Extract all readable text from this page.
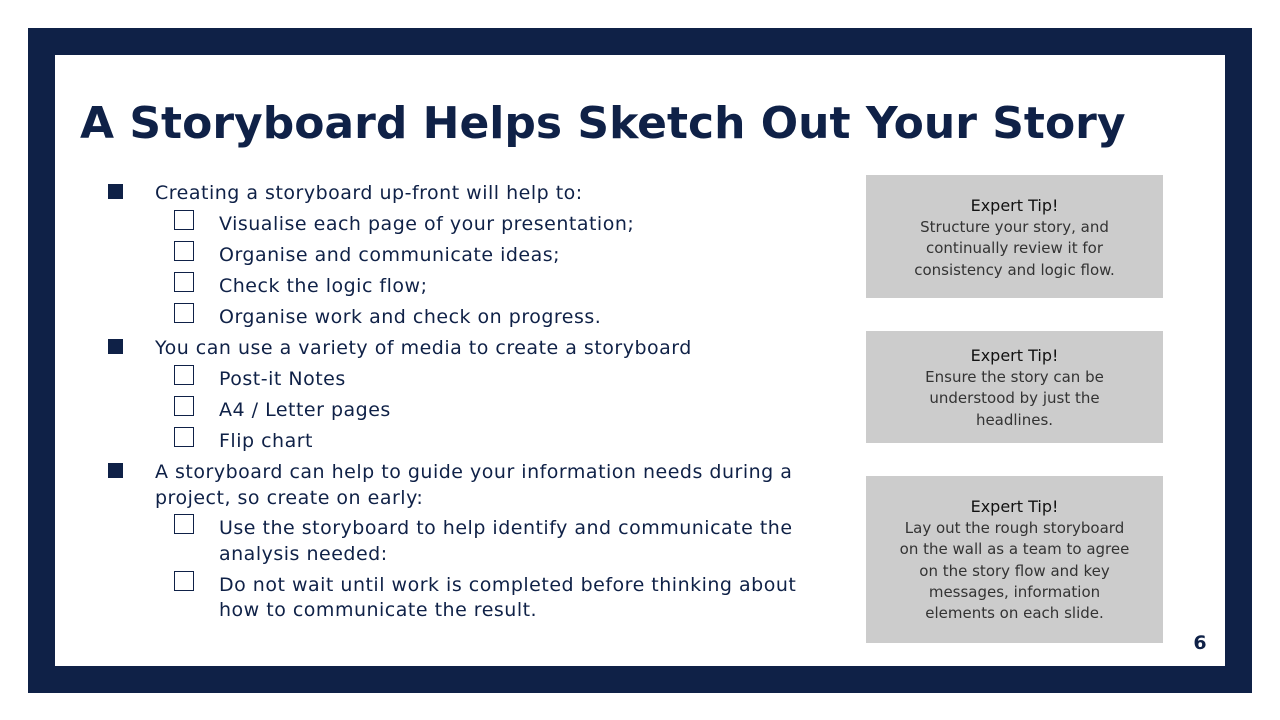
A Storyboard Helps Sketch Out Your Story
Creating a storyboard up-front will help to:
Visualise each page of your presentation;
Organise and communicate ideas;
Check the logic flow;
Organise work and check on progress.
You can use a variety of media to create a storyboard
Post-it Notes
A4 / Letter pages
Flip chart
A storyboard can help to guide your information needs during a
project, so create on early:
Use the storyboard to help identify and communicate the
analysis needed:
Do not wait until work is completed before thinking about
how to communicate the result.
Expert Tip!
Structure your story, and
continually review it for
consistency and logic flow.
Expert Tip!
Ensure the story can be
understood by just the
headlines.
Expert Tip!
Lay out the rough storyboard
on the wall as a team to agree
on the story flow and key
messages, information
elements on each slide.
6
